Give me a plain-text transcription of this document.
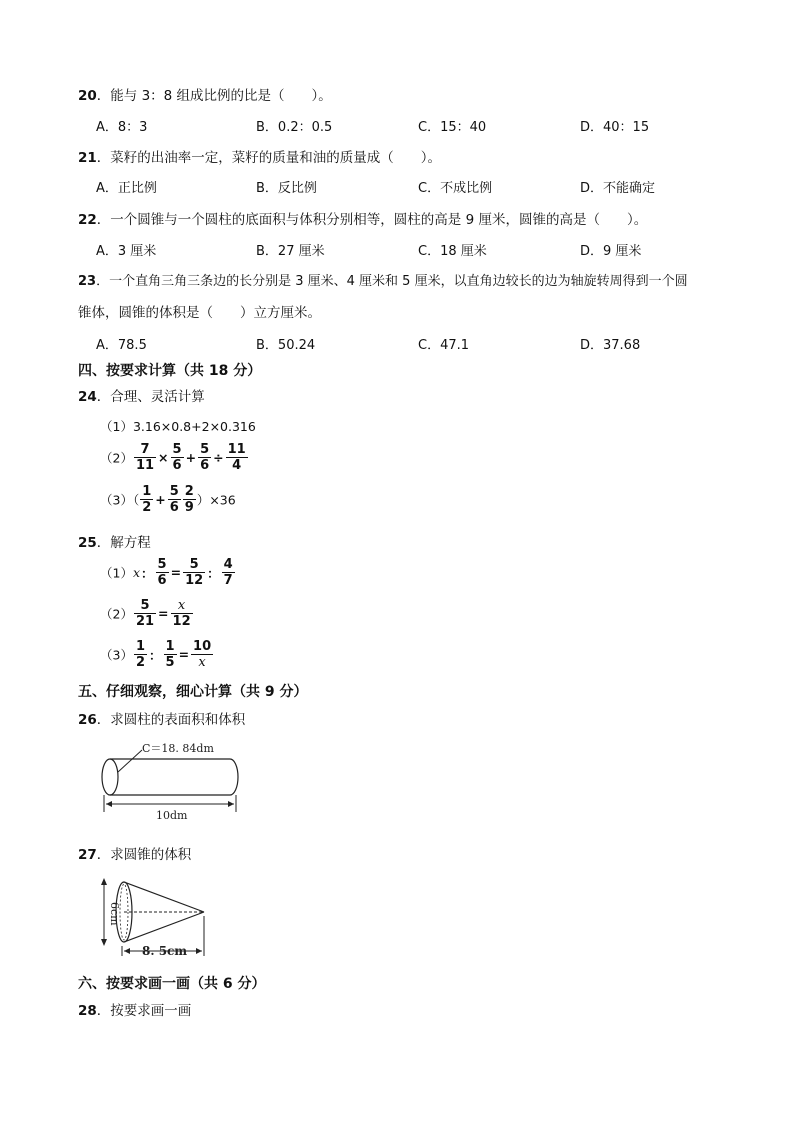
20．能与 3：8 组成比例的比是（　　）。
A．8：3	B．0.2：0.5	C．15：40	D．40：15
21．菜籽的出油率一定，菜籽的质量和油的质量成（　　）。
A．正比例	B．反比例	C．不成比例	D．不能确定
22．一个圆锥与一个圆柱的底面积与体积分别相等，圆柱的高是 9 厘米，圆锥的高是（　　）。
A．3 厘米	B．27 厘米	C．18 厘米	D．9 厘米
23．一个直角三角三条边的长分别是 3 厘米、4 厘米和 5 厘米，以直角边较长的边为轴旋转周得到一个圆
锥体，圆锥的体积是（　　）立方厘米。
A．78.5	B．50.24	C．47.1	D．37.68
四、按要求计算（共 18 分）
24．合理、灵活计算
（1）3.16×0.8+2×0.316
$(2) \frac{7}{11} \times \frac{5}{6} + \frac{5}{6} \div \frac{11}{4}$
$(3)( \frac{1}{2} + \frac{5}{6} \frac{2}{9} )\times 36$
25．解方程
（1）x： $\frac{5}{6} = \frac{5}{12}$ ： $\frac{4}{7}$
$(2) \frac{5}{21} = \frac{x}{12}$
$(3) \frac{1}{2}$ ： $\frac{1}{5} = \frac{10}{x}$
五、仔细观察，细心计算（共 9 分）
26．求圆柱的表面积和体积
C＝18. 84dm
10dm
27．求圆锥的体积
6cm
8. 5cm
六、按要求画一画（共 6 分）
28．按要求画一画
